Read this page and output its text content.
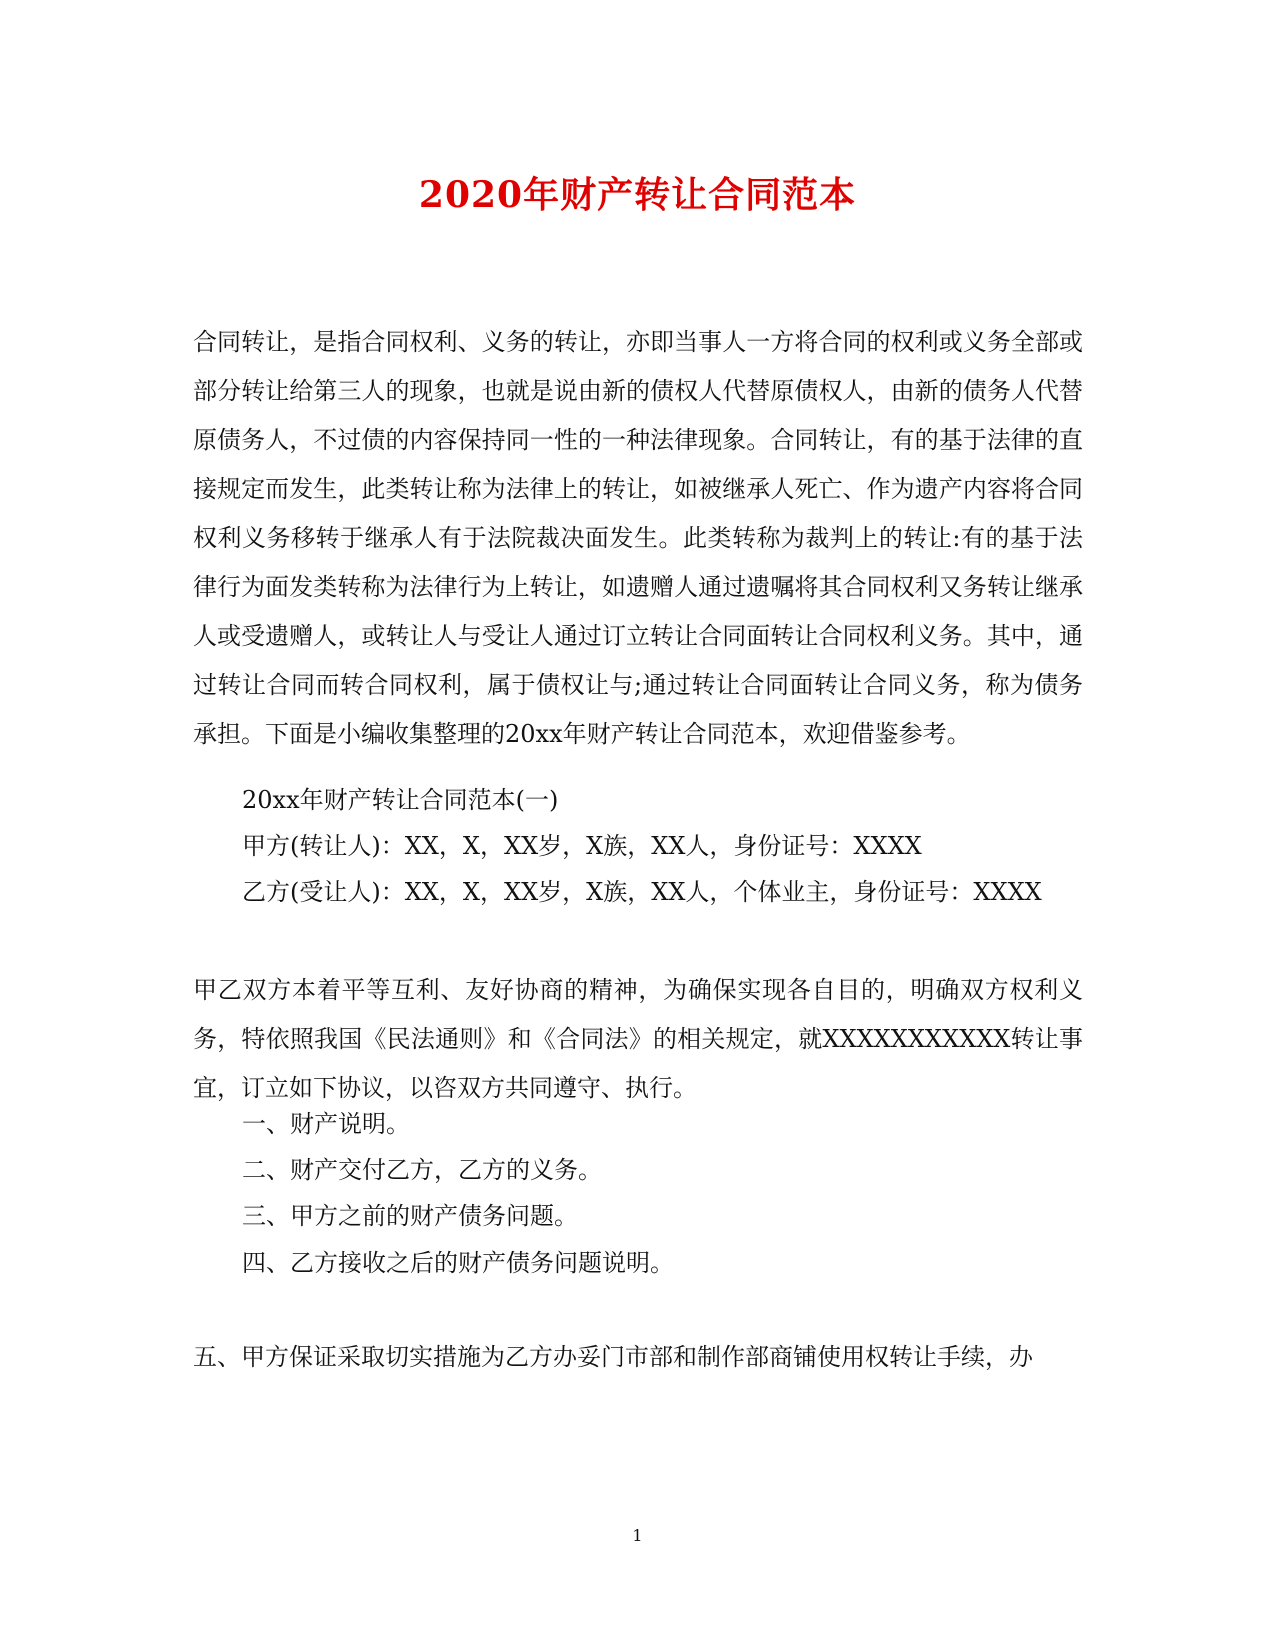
2020年财产转让合同范本

合同转让，是指合同权利、义务的转让，亦即当事人一方将合同的权利或义务全部或部分转让给第三人的现象，也就是说由新的债权人代替原债权人，由新的债务人代替原债务人，不过债的内容保持同一性的一种法律现象。合同转让，有的基于法律的直接规定而发生，此类转让称为法律上的转让，如被继承人死亡、作为遗产内容将合同权利义务移转于继承人有于法院裁决面发生。此类转称为裁判上的转让:有的基于法律行为面发类转称为法律行为上转让，如遗赠人通过遗嘱将其合同权利又务转让继承人或受遗赠人，或转让人与受让人通过订立转让合同面转让合同权利义务。其中，通过转让合同而转合同权利，属于债权让与;通过转让合同面转让合同义务，称为债务承担。下面是小编收集整理的20xx年财产转让合同范本，欢迎借鉴参考。

20xx年财产转让合同范本(一)

甲方(转让人)：XX，X，XX岁，X族，XX人，身份证号：XXXX

乙方(受让人)：XX，X，XX岁，X族，XX人，个体业主，身份证号：XXXX

甲乙双方本着平等互利、友好协商的精神，为确保实现各自目的，明确双方权利义务，特依照我国《民法通则》和《合同法》的相关规定，就XXXXXXXXXXX转让事宜，订立如下协议，以咨双方共同遵守、执行。

一、财产说明。

二、财产交付乙方，乙方的义务。

三、甲方之前的财产债务问题。

四、乙方接收之后的财产债务问题说明。

五、甲方保证采取切实措施为乙方办妥门市部和制作部商铺使用权转让手续，办

1
